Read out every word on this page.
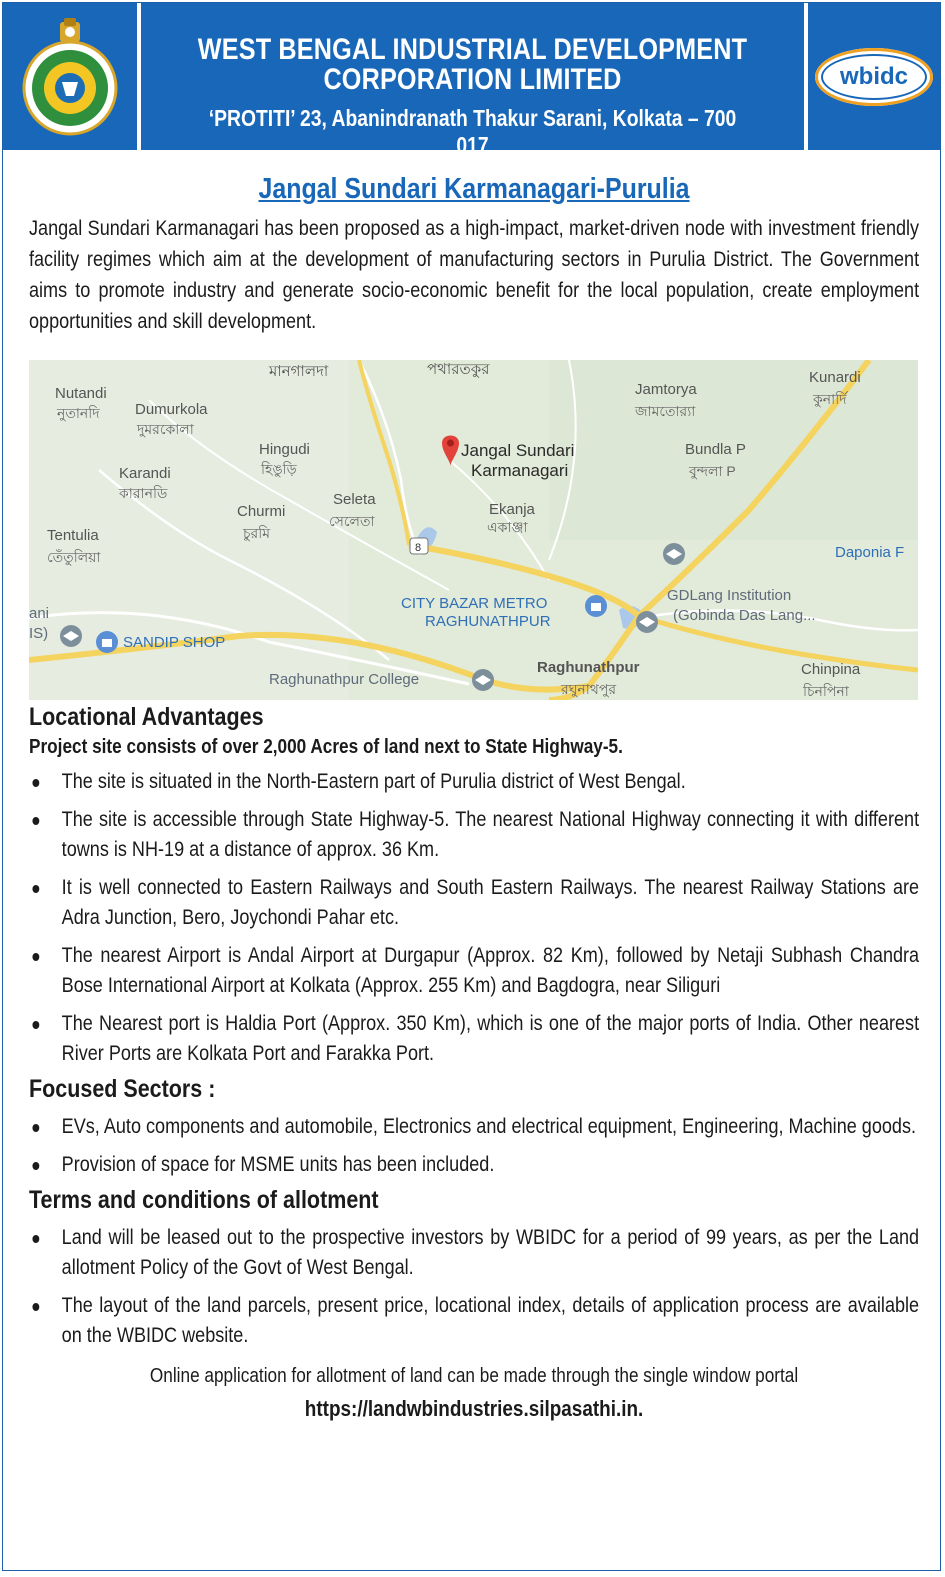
WEST BENGAL INDUSTRIAL DEVELOPMENT
CORPORATION LIMITED
‘PROTITI’ 23, Abanindranath Thakur Sarani, Kolkata – 700 017
wbidc
Jangal Sundari Karmanagari-Purulia
Jangal Sundari Karmanagari has been proposed as a high-impact, market-driven node with investment friendly facility regimes which aim at the development of manufacturing sectors in Purulia District. The Government aims to promote industry and generate socio-economic benefit for the local population, create employment opportunities and skill development.
8
মানগালদা	পথারতকুর
Nutandi
নুতানদি Dumurkola
দুমরকোলা
Karandi
কারানডি
Tentulia
তেঁতুলিয়া
Hingudi
হিঙুড়ি
Churmi
চুরমি
Seleta
সেলেতা
Ekanja
একাঞ্জা
Jamtorya
জামতোর‍্যা
Bundla P
বুন্দলা P
Kunardi
কুনার্দি
Raghunathpur
রঘুনাথপুর
Chinpina
চিনপিনা
Jangal Sundari
Karmanagari
CITY BAZAR METRO
RAGHUNATHPUR
SANDIP SHOP
ani
IS)
Raghunathpur College
GDLang Institution
(Gobinda Das Lang...
Daponia F
Locational Advantages
Project site consists of over 2,000 Acres of land next to State Highway-5.
The site is situated in the North-Eastern part of Purulia district of West Bengal.
The site is accessible through State Highway-5. The nearest National Highway connecting it with different towns is NH-19 at a distance of approx. 36 Km.
It is well connected to Eastern Railways and South Eastern Railways. The nearest Railway Stations are Adra Junction, Bero, Joychondi Pahar etc.
The nearest Airport is Andal Airport at Durgapur (Approx. 82 Km), followed by Netaji Subhash Chandra Bose International Airport at Kolkata (Approx. 255 Km) and Bagdogra, near Siliguri
The Nearest port is Haldia Port (Approx. 350 Km), which is one of the major ports of India. Other nearest River Ports are Kolkata Port and Farakka Port.
Focused Sectors :
EVs, Auto components and automobile, Electronics and electrical equipment, Engineering, Machine goods.
Provision of space for MSME units has been included.
Terms and conditions of allotment
Land will be leased out to the prospective investors by WBIDC for a period of 99 years, as per the Land allotment Policy of the Govt of West Bengal.
The layout of the land parcels, present price, locational index, details of application process are available on the WBIDC website.
Online application for allotment of land can be made through the single window portal
https://landwbindustries.silpasathi.in.
